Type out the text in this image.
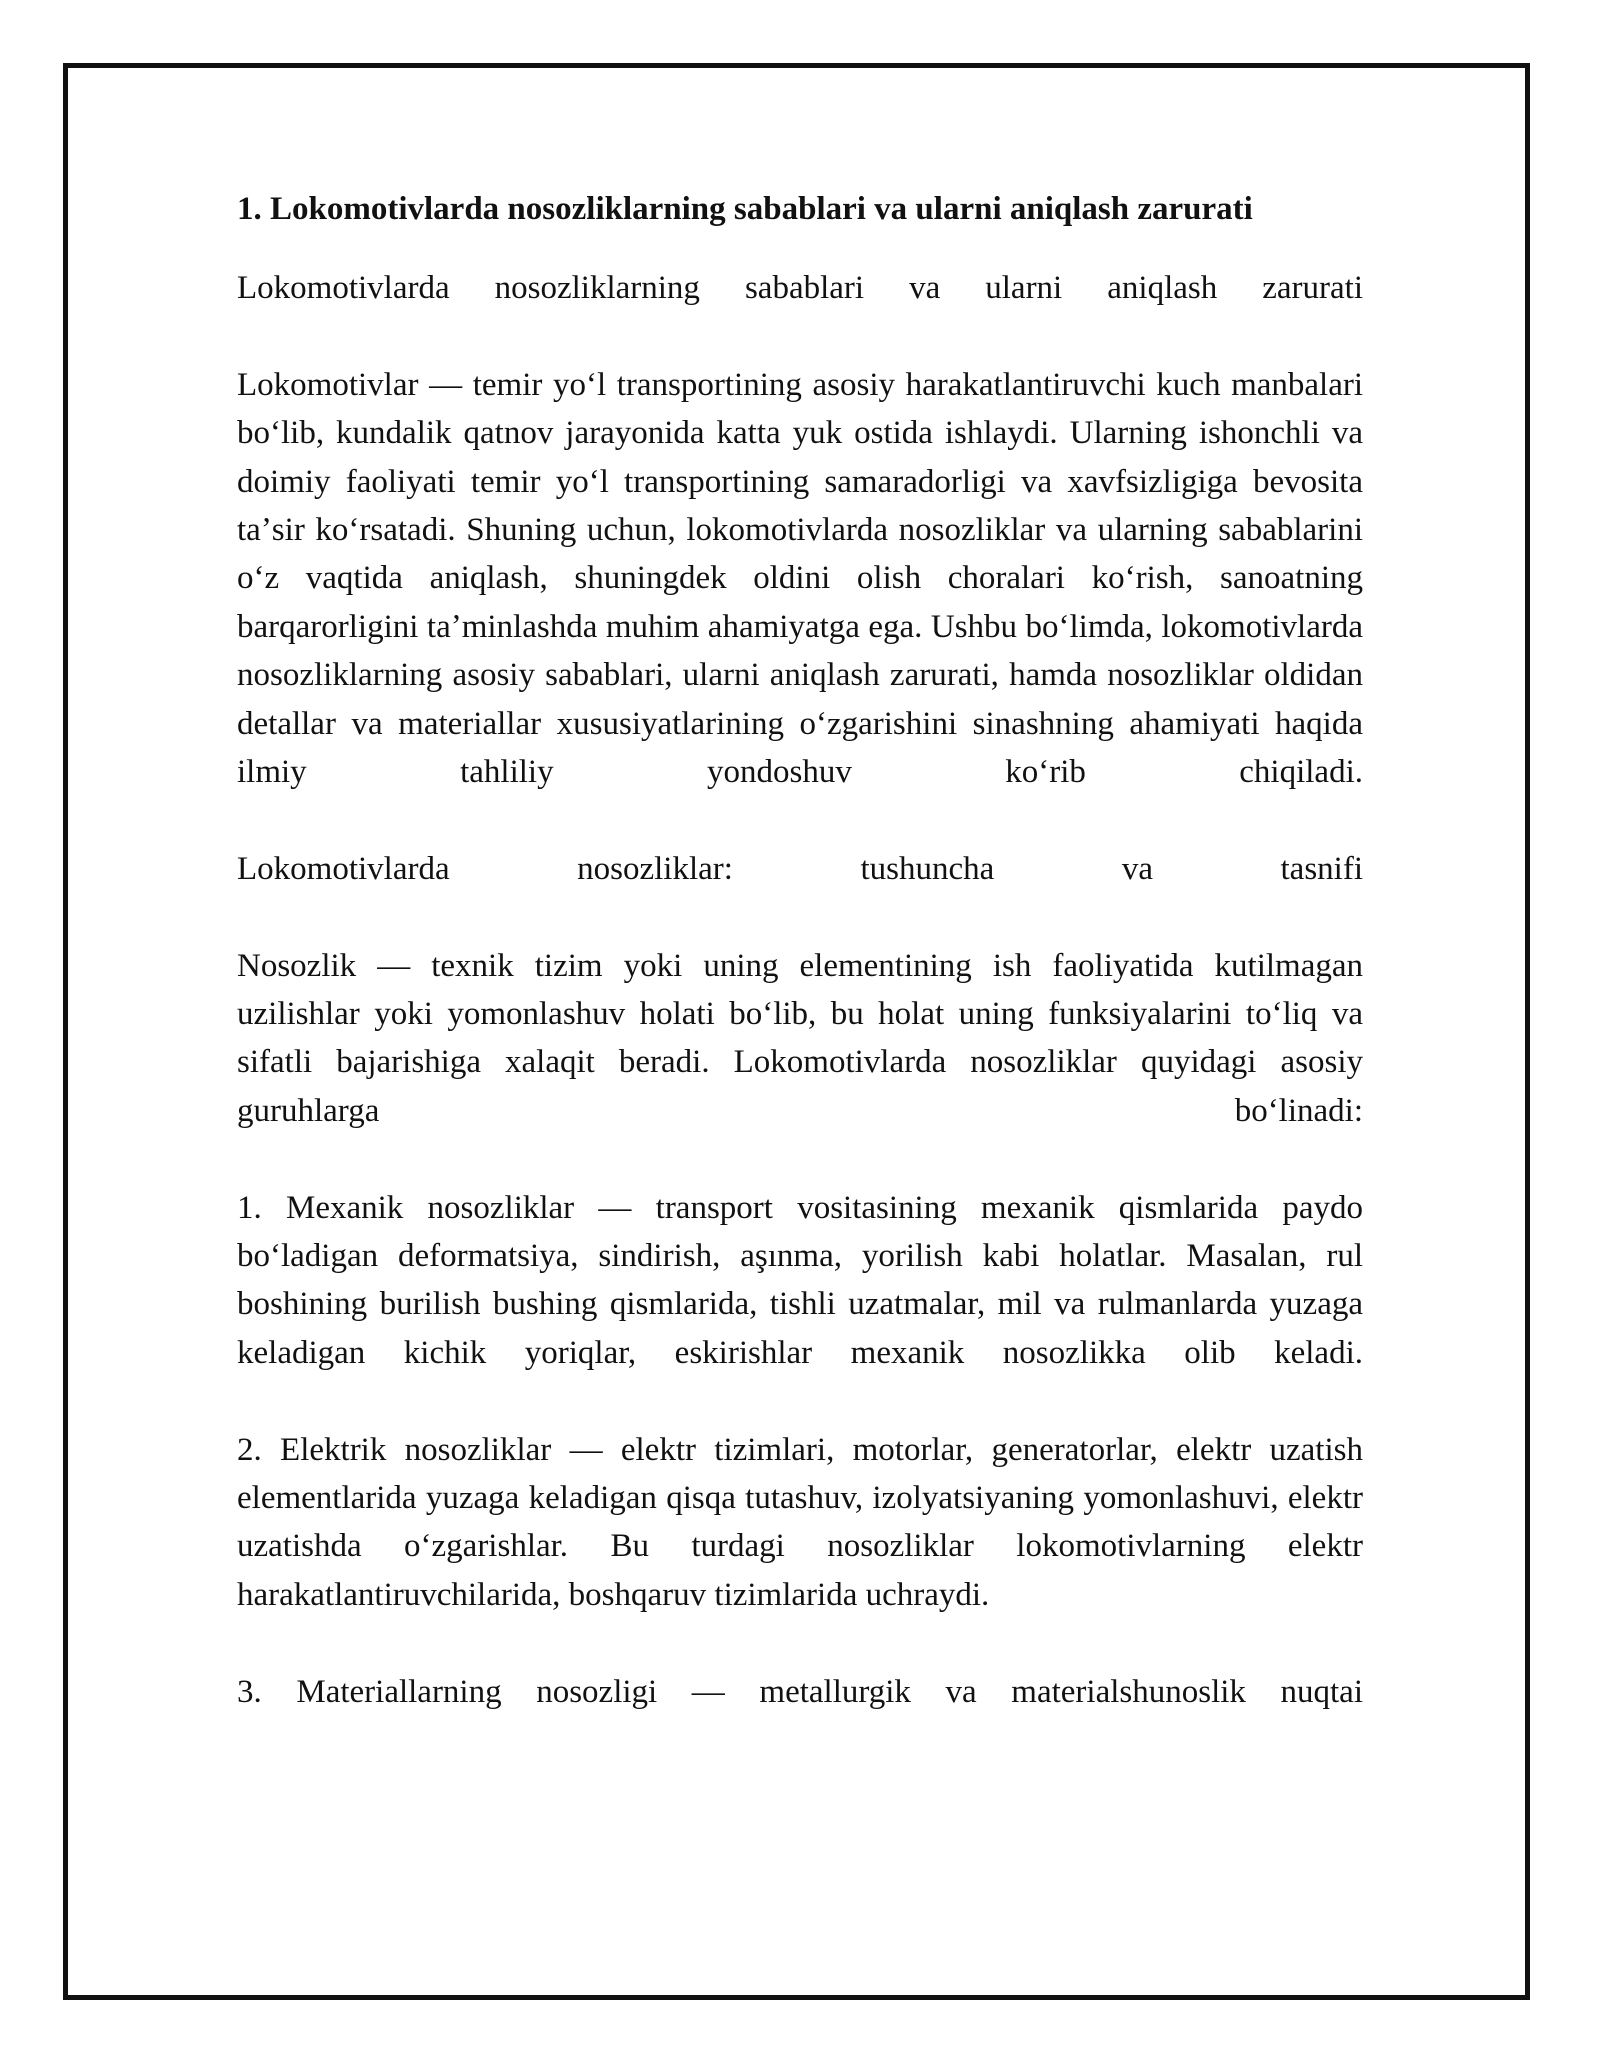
1. Lokomotivlarda nosozliklarning sabablari va ularni aniqlash zarurati

Lokomotivlarda nosozliklarning sabablari va ularni aniqlash zarurati

Lokomotivlar — temir yoʻl transportining asosiy harakatlantiruvchi kuch manbalari boʻlib, kundalik qatnov jarayonida katta yuk ostida ishlaydi. Ularning ishonchli va doimiy faoliyati temir yoʻl transportining samaradorligi va xavfsizligiga bevosita taʼsir koʻrsatadi. Shuning uchun, lokomotivlarda nosozliklar va ularning sabablarini oʻz vaqtida aniqlash, shuningdek oldini olish choralari koʻrish, sanoatning barqarorligini taʼminlashda muhim ahamiyatga ega. Ushbu boʻlimda, lokomotivlarda nosozliklarning asosiy sabablari, ularni aniqlash zarurati, hamda nosozliklar oldidan detallar va materiallar xususiyatlarining oʻzgarishini sinashning ahamiyati haqida ilmiy tahliliy yondoshuv koʻrib chiqiladi.

Lokomotivlarda nosozliklar: tushuncha va tasnifi

Nosozlik — texnik tizim yoki uning elementining ish faoliyatida kutilmagan uzilishlar yoki yomonlashuv holati boʻlib, bu holat uning funksiyalarini toʻliq va sifatli bajarishiga xalaqit beradi. Lokomotivlarda nosozliklar quyidagi asosiy guruhlarga boʻlinadi:

1. Mexanik nosozliklar — transport vositasining mexanik qismlarida paydo boʻladigan deformatsiya, sindirish, aşınma, yorilish kabi holatlar. Masalan, rul boshining burilish bushing qismlarida, tishli uzatmalar, mil va rulmanlarda yuzaga keladigan kichik yoriqlar, eskirishlar mexanik nosozlikka olib keladi.

2. Elektrik nosozliklar — elektr tizimlari, motorlar, generatorlar, elektr uzatish elementlarida yuzaga keladigan qisqa tutashuv, izolyatsiyaning yomonlashuvi, elektr uzatishda oʻzgarishlar. Bu turdagi nosozliklar lokomotivlarning elektr harakatlantiruvchilarida, boshqaruv tizimlarida uchraydi.

3. Materiallarning nosozligi — metallurgik va materialshunoslik nuqtai
